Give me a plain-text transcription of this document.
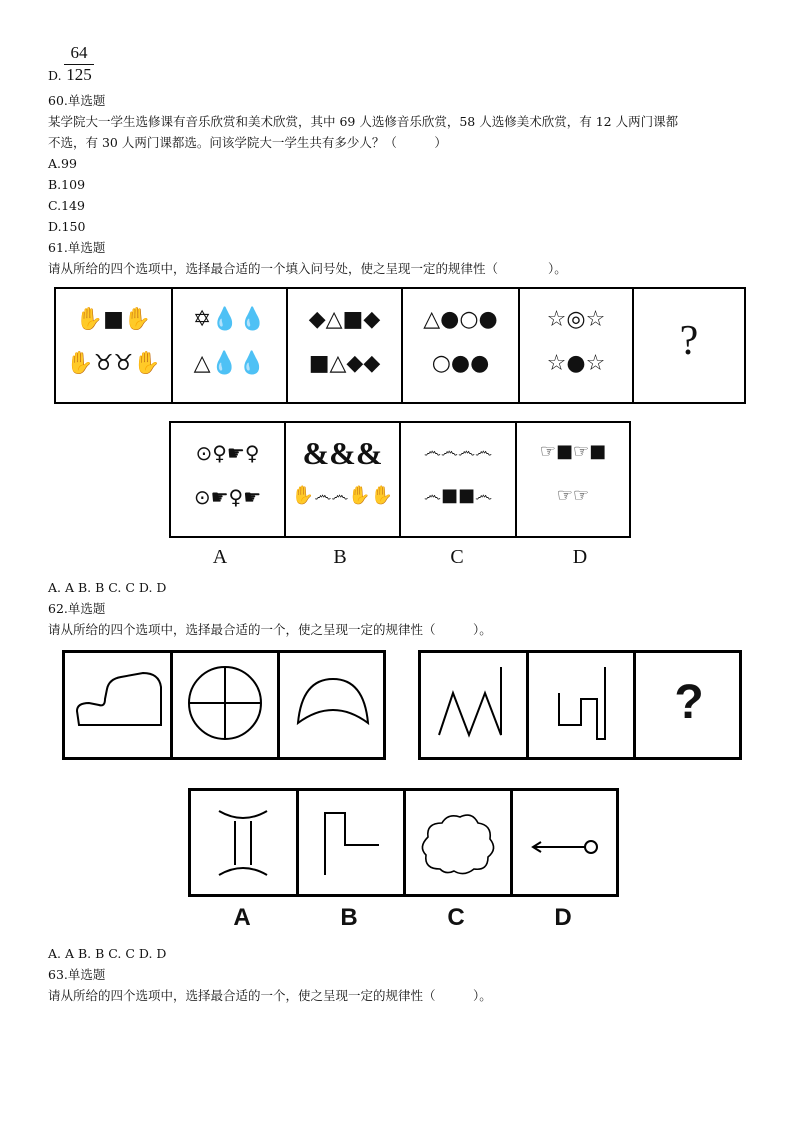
$\frac{64}{125}$
D.
60.单选题
某学院大一学生选修课有音乐欣赏和美术欣赏，其中 69 人选修音乐欣赏，58 人选修美术欣赏，有 12 人两门课都
不选，有 30 人两门课都选。问该学院大一学生共有多少人？（　　　）
A.99
B.109
C.149
D.150
61.单选题
请从所给的四个选项中，选择最合适的一个填入问号处，使之呈现一定的规律性（　　　　）。
✋■✋
✋♉♉✋
✡💧💧
△💧💧
◆△■◆
■△◆◆
△●○●
○●●
☆◎☆
☆●☆	?
⊙♀☛♀
⊙☛♀☛
&&&
✋෴෴✋✋
෴෴෴෴
෴■■෴
☞■☞■
☞☞
A	B	C	D
A. A B. B C. C D. D
62.单选题
请从所给的四个选项中，选择最合适的一个，使之呈现一定的规律性（　　　）。
?
A	B	C	D
A. A B. B C. C D. D
63.单选题
请从所给的四个选项中，选择最合适的一个，使之呈现一定的规律性（　　　）。
